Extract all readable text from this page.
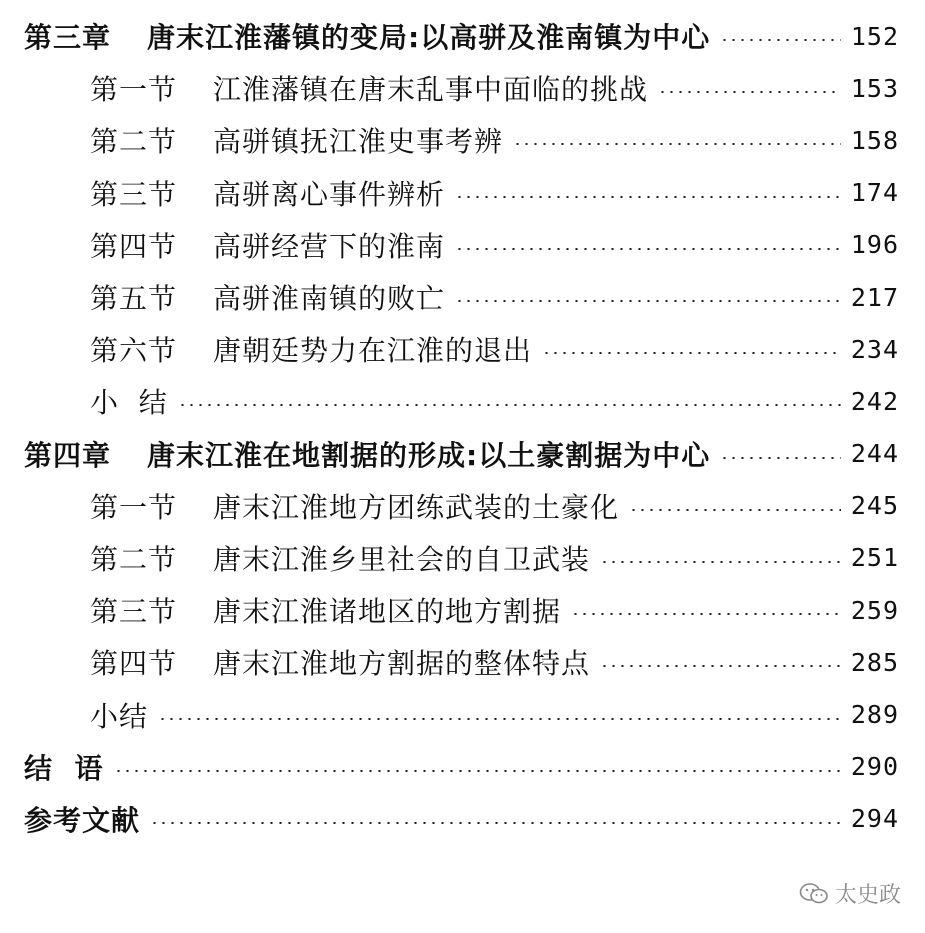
第三章 唐末江淮藩镇的变局:以高骈及淮南镇为中心	152
第一节 江淮藩镇在唐末乱事中面临的挑战	153
第二节 高骈镇抚江淮史事考辨	158
第三节 高骈离心事件辨析	174
第四节 高骈经营下的淮南	196
第五节 高骈淮南镇的败亡	217
第六节 唐朝廷势力在江淮的退出	234
小  结	242
第四章 唐末江淮在地割据的形成:以土豪割据为中心	244
第一节 唐末江淮地方团练武装的土豪化	245
第二节 唐末江淮乡里社会的自卫武装	251
第三节 唐末江淮诸地区的地方割据	259
第四节 唐末江淮地方割据的整体特点	285
小结	289
结  语	290
参考文献	294
太史政
